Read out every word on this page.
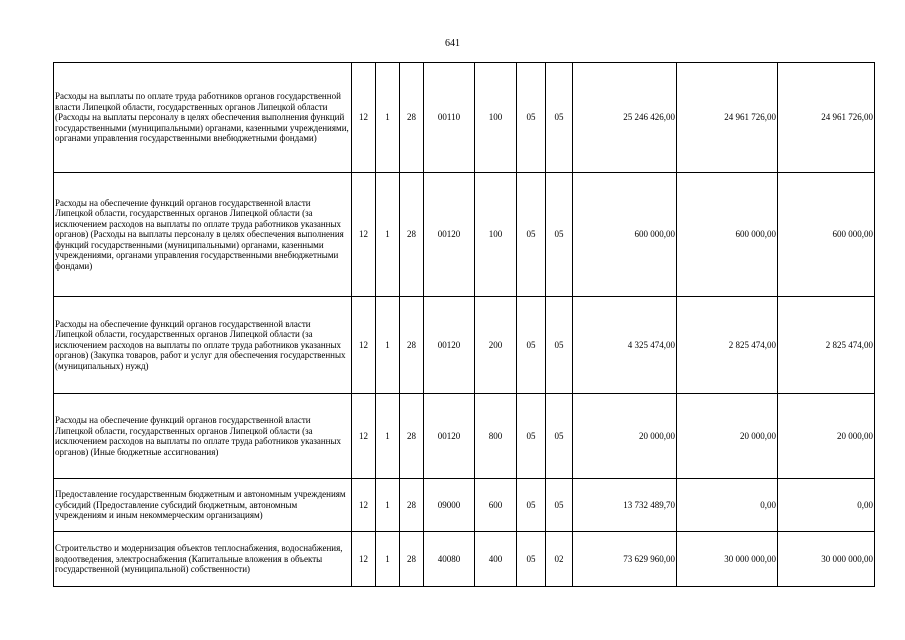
641
Расходы на выплаты по оплате труда работников органов государственной власти Липецкой области, государственных органов Липецкой области (Расходы на выплаты персоналу в целях обеспечения выполнения функций государственными (муниципальными) органами, казенными учреждениями, органами управления государственными внебюджетными фондами)	12	1	28	00110	100	05	05	25 246 426,00	24 961 726,00	24 961 726,00
Расходы на обеспечение функций органов государственной власти Липецкой области, государственных органов Липецкой области (за исключением расходов на выплаты по оплате труда работников указанных органов) (Расходы на выплаты персоналу в целях обеспечения выполнения функций государственными (муниципальными) органами, казенными учреждениями, органами управления государственными внебюджетными фондами)	12	1	28	00120	100	05	05	600 000,00	600 000,00	600 000,00
Расходы на обеспечение функций органов государственной власти Липецкой области, государственных органов Липецкой области (за исключением расходов на выплаты по оплате труда работников указанных органов) (Закупка товаров, работ и услуг для обеспечения государственных (муниципальных) нужд)	12	1	28	00120	200	05	05	4 325 474,00	2 825 474,00	2 825 474,00
Расходы на обеспечение функций органов государственной власти Липецкой области, государственных органов Липецкой области (за исключением расходов на выплаты по оплате труда работников указанных органов) (Иные бюджетные ассигнования)	12	1	28	00120	800	05	05	20 000,00	20 000,00	20 000,00
Предоставление государственным бюджетным и автономным учреждениям субсидий (Предоставление субсидий бюджетным, автономным учреждениям и иным некоммерческим организациям)	12	1	28	09000	600	05	05	13 732 489,70	0,00	0,00
Строительство и модернизация объектов теплоснабжения, водоснабжения, водоотведения, электроснабжения (Капитальные вложения в объекты государственной (муниципальной) собственности)	12	1	28	40080	400	05	02	73 629 960,00	30 000 000,00	30 000 000,00
